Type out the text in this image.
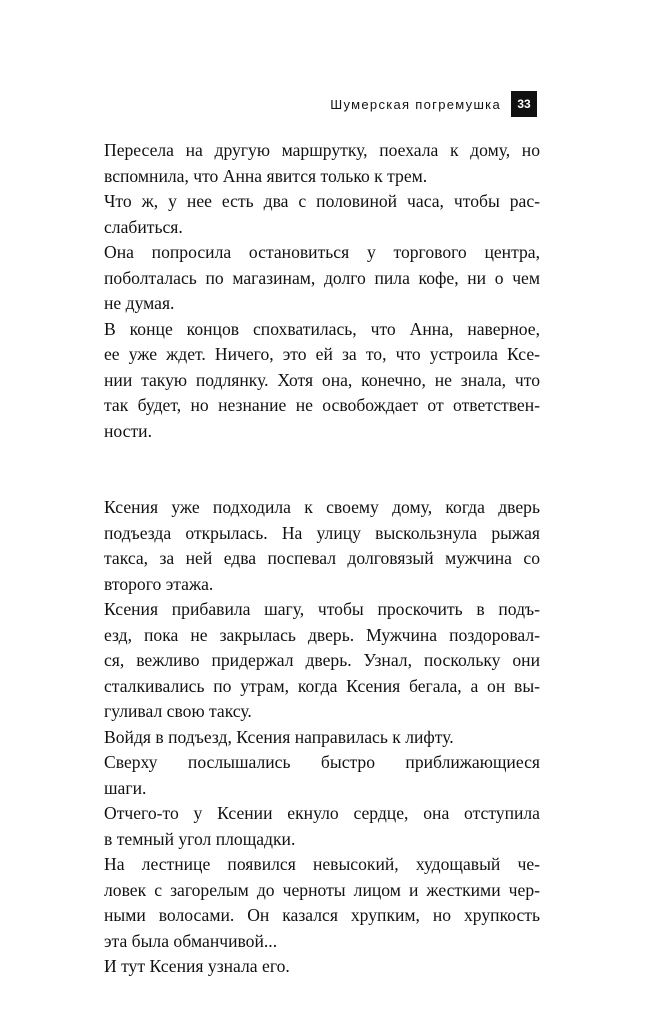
Шумерская погремушка	33

Пересела на другую маршрутку, поехала к дому, но
вспомнила, что Анна явится только к трем.

Что ж, у нее есть два с половиной часа, чтобы рас-
слабиться.

Она попросила остановиться у торгового центра,
поболталась по магазинам, долго пила кофе, ни о чем
не думая.

В конце концов спохватилась, что Анна, наверное,
ее уже ждет. Ничего, это ей за то, что устроила Ксе-
нии такую подлянку. Хотя она, конечно, не знала, что
так будет, но незнание не освобождает от ответствен-
ности.

Ксения уже подходила к своему дому, когда дверь
подъезда открылась. На улицу выскользнула рыжая
такса, за ней едва поспевал долговязый мужчина со
второго этажа.

Ксения прибавила шагу, чтобы проскочить в подъ-
езд, пока не закрылась дверь. Мужчина поздоровал-
ся, вежливо придержал дверь. Узнал, поскольку они
сталкивались по утрам, когда Ксения бегала, а он вы-
гуливал свою таксу.

Войдя в подъезд, Ксения направилась к лифту.

Сверху послышались быстро приближающиеся
шаги.

Отчего-то у Ксении екнуло сердце, она отступила
в темный угол площадки.

На лестнице появился невысокий, худощавый че-
ловек с загорелым до черноты лицом и жесткими чер-
ными волосами. Он казался хрупким, но хрупкость
эта была обманчивой...

И тут Ксения узнала его.
